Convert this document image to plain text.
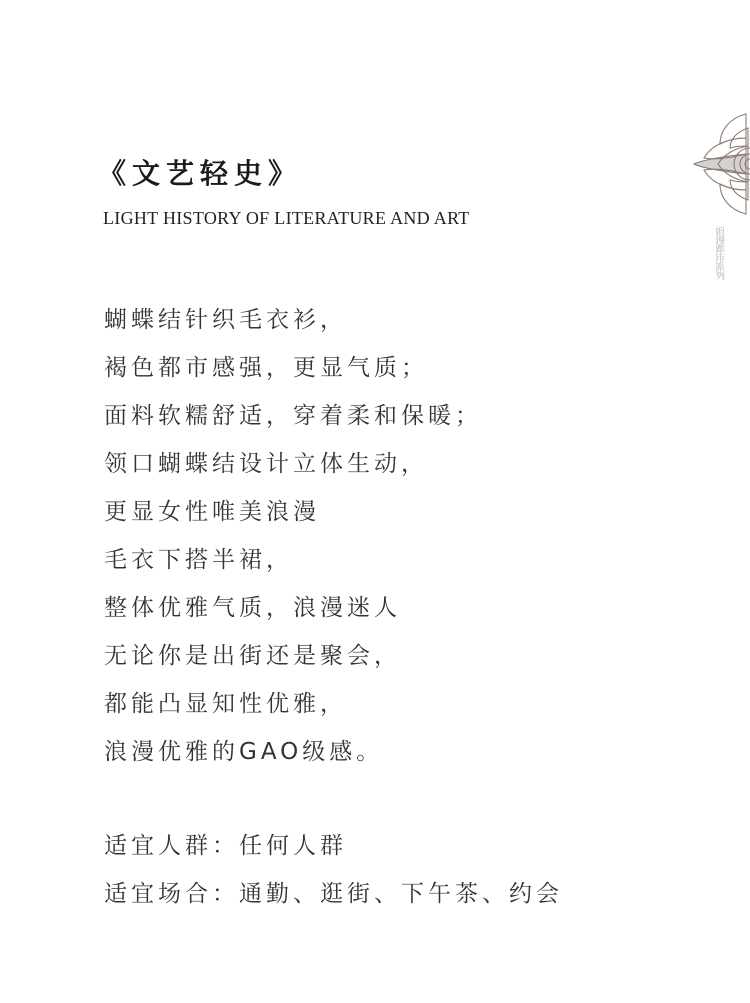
《文艺轻史》
LIGHT HISTORY OF LITERATURE AND ART
蝴蝶结针织毛衣衫，
褐色都市感强，更显气质；
面料软糯舒适，穿着柔和保暖；
领口蝴蝶结设计立体生动，
更显女性唯美浪漫
毛衣下搭半裙，
整体优雅气质，浪漫迷人
无论你是出街还是聚会，
都能凸显知性优雅，
浪漫优雅的GAO级感。
适宜人群：任何人群
适宜场合：通勤、逛街、下午茶、约会
浪漫都市系列
